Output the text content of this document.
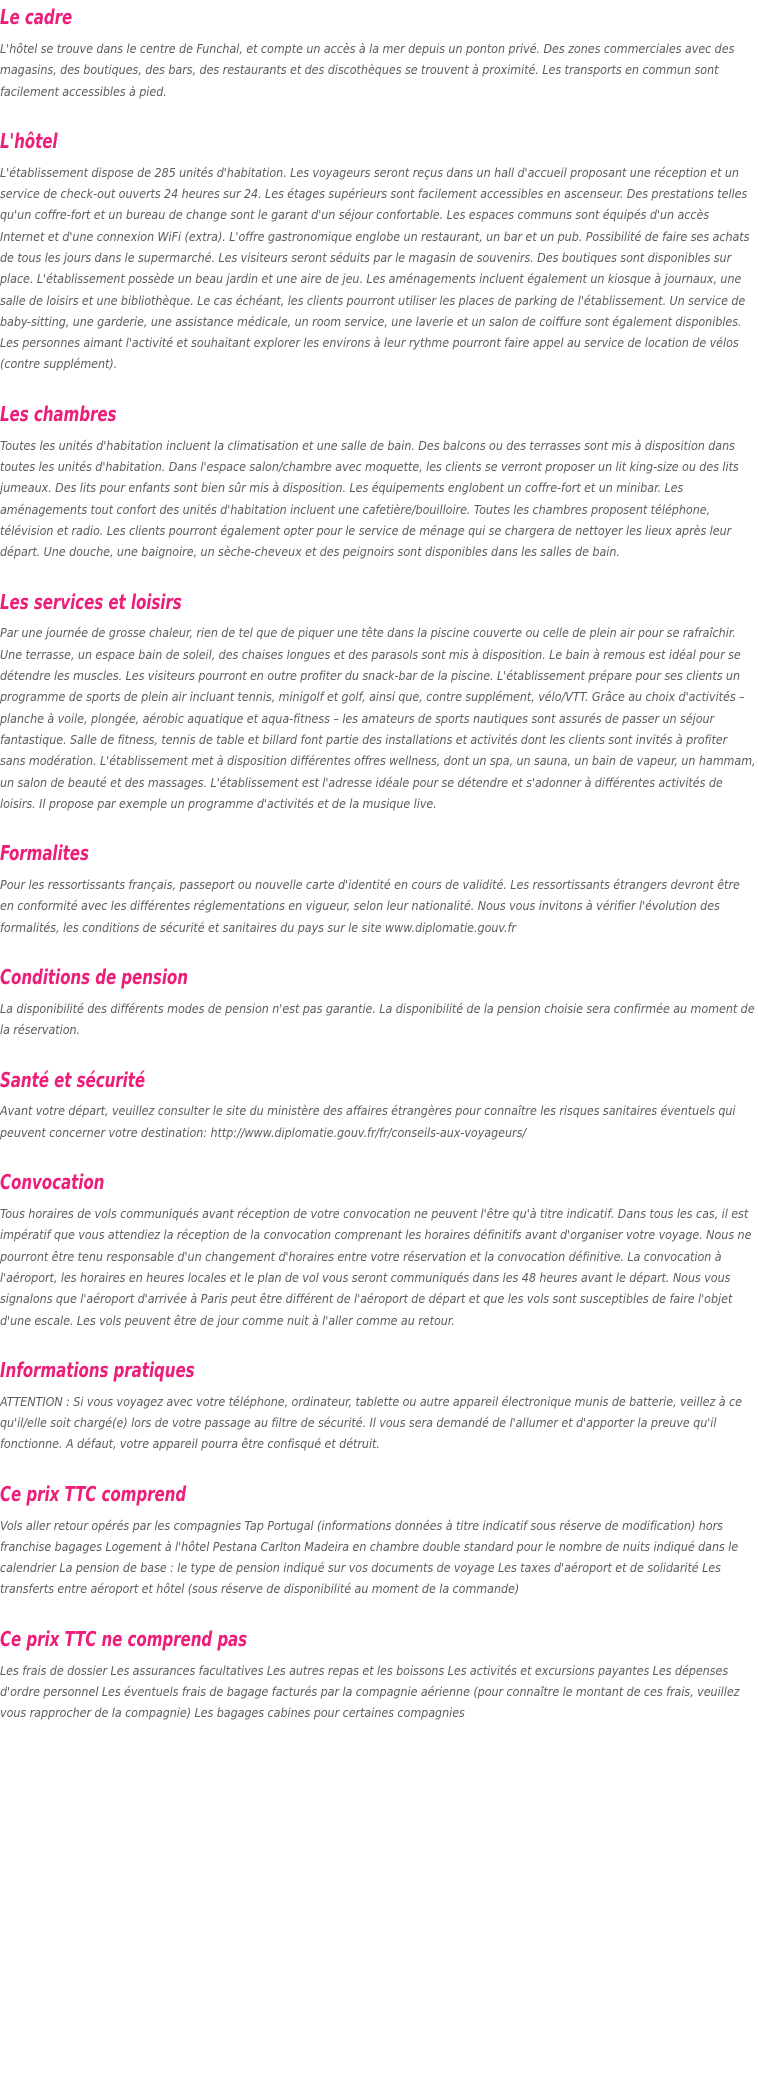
Le cadre

L'hôtel se trouve dans le centre de Funchal, et compte un accès à la mer depuis un ponton privé. Des zones commerciales avec des magasins, des boutiques, des bars, des restaurants et des discothèques se trouvent à proximité. Les transports en commun sont facilement accessibles à pied.

L'hôtel

L'établissement dispose de 285 unités d'habitation. Les voyageurs seront reçus dans un hall d'accueil proposant une réception et un service de check-out ouverts 24 heures sur 24. Les étages supérieurs sont facilement accessibles en ascenseur. Des prestations telles qu'un coffre-fort et un bureau de change sont le garant d'un séjour confortable. Les espaces communs sont équipés d'un accès Internet et d'une connexion WiFi (extra). L'offre gastronomique englobe un restaurant, un bar et un pub. Possibilité de faire ses achats de tous les jours dans le supermarché. Les visiteurs seront séduits par le magasin de souvenirs. Des boutiques sont disponibles sur place. L'établissement possède un beau jardin et une aire de jeu. Les aménagements incluent également un kiosque à journaux, une salle de loisirs et une bibliothèque. Le cas échéant, les clients pourront utiliser les places de parking de l'établissement. Un service de baby-sitting, une garderie, une assistance médicale, un room service, une laverie et un salon de coiffure sont également disponibles. Les personnes aimant l'activité et souhaitant explorer les environs à leur rythme pourront faire appel au service de location de vélos (contre supplément).

Les chambres

Toutes les unités d'habitation incluent la climatisation et une salle de bain. Des balcons ou des terrasses sont mis à disposition dans toutes les unités d'habitation. Dans l'espace salon/chambre avec moquette, les clients se verront proposer un lit king-size ou des lits jumeaux. Des lits pour enfants sont bien sûr mis à disposition. Les équipements englobent un coffre-fort et un minibar. Les aménagements tout confort des unités d'habitation incluent une cafetière/bouilloire. Toutes les chambres proposent téléphone, télévision et radio. Les clients pourront également opter pour le service de ménage qui se chargera de nettoyer les lieux après leur départ. Une douche, une baignoire, un sèche-cheveux et des peignoirs sont disponibles dans les salles de bain.

Les services et loisirs

Par une journée de grosse chaleur, rien de tel que de piquer une tête dans la piscine couverte ou celle de plein air pour se rafraîchir. Une terrasse, un espace bain de soleil, des chaises longues et des parasols sont mis à disposition. Le bain à remous est idéal pour se détendre les muscles. Les visiteurs pourront en outre profiter du snack-bar de la piscine. L'établissement prépare pour ses clients un programme de sports de plein air incluant tennis, minigolf et golf, ainsi que, contre supplément, vélo/VTT. Grâce au choix d'activités – planche à voile, plongée, aérobic aquatique et aqua-fitness – les amateurs de sports nautiques sont assurés de passer un séjour fantastique. Salle de fitness, tennis de table et billard font partie des installations et activités dont les clients sont invités à profiter sans modération. L'établissement met à disposition différentes offres wellness, dont un spa, un sauna, un bain de vapeur, un hammam, un salon de beauté et des massages. L'établissement est l'adresse idéale pour se détendre et s'adonner à différentes activités de loisirs. Il propose par exemple un programme d'activités et de la musique live.

Formalites

Pour les ressortissants français, passeport ou nouvelle carte d'identité en cours de validité. Les ressortissants étrangers devront être en conformité avec les différentes réglementations en vigueur, selon leur nationalité. Nous vous invitons à vérifier l'évolution des formalités, les conditions de sécurité et sanitaires du pays sur le site www.diplomatie.gouv.fr

Conditions de pension

La disponibilité des différents modes de pension n'est pas garantie. La disponibilité de la pension choisie sera confirmée au moment de la réservation.

Santé et sécurité

Avant votre départ, veuillez consulter le site du ministère des affaires étrangères pour connaître les risques sanitaires éventuels qui peuvent concerner votre destination: http://www.diplomatie.gouv.fr/fr/conseils-aux-voyageurs/

Convocation

Tous horaires de vols communiqués avant réception de votre convocation ne peuvent l'être qu'à titre indicatif. Dans tous les cas, il est impératif que vous attendiez la réception de la convocation comprenant les horaires définitifs avant d'organiser votre voyage. Nous ne pourront être tenu responsable d'un changement d'horaires entre votre réservation et la convocation définitive. La convocation à l'aéroport, les horaires en heures locales et le plan de vol vous seront communiqués dans les 48 heures avant le départ. Nous vous signalons que l'aéroport d'arrivée à Paris peut être différent de l'aéroport de départ et que les vols sont susceptibles de faire l'objet d'une escale. Les vols peuvent être de jour comme nuit à l'aller comme au retour.

Informations pratiques

ATTENTION : Si vous voyagez avec votre téléphone, ordinateur, tablette ou autre appareil électronique munis de batterie, veillez à ce qu'il/elle soit chargé(e) lors de votre passage au filtre de sécurité. Il vous sera demandé de l'allumer et d'apporter la preuve qu'il fonctionne. A défaut, votre appareil pourra être confisqué et détruit.

Ce prix TTC comprend

Vols aller retour opérés par les compagnies Tap Portugal (informations données à titre indicatif sous réserve de modification) hors franchise bagages Logement à l'hôtel Pestana Carlton Madeira en chambre double standard pour le nombre de nuits indiqué dans le calendrier La pension de base : le type de pension indiqué sur vos documents de voyage Les taxes d'aéroport et de solidarité Les transferts entre aéroport et hôtel (sous réserve de disponibilité au moment de la commande)

Ce prix TTC ne comprend pas

Les frais de dossier Les assurances facultatives Les autres repas et les boissons Les activités et excursions payantes Les dépenses d'ordre personnel Les éventuels frais de bagage facturés par la compagnie aérienne (pour connaître le montant de ces frais, veuillez vous rapprocher de la compagnie) Les bagages cabines pour certaines compagnies
